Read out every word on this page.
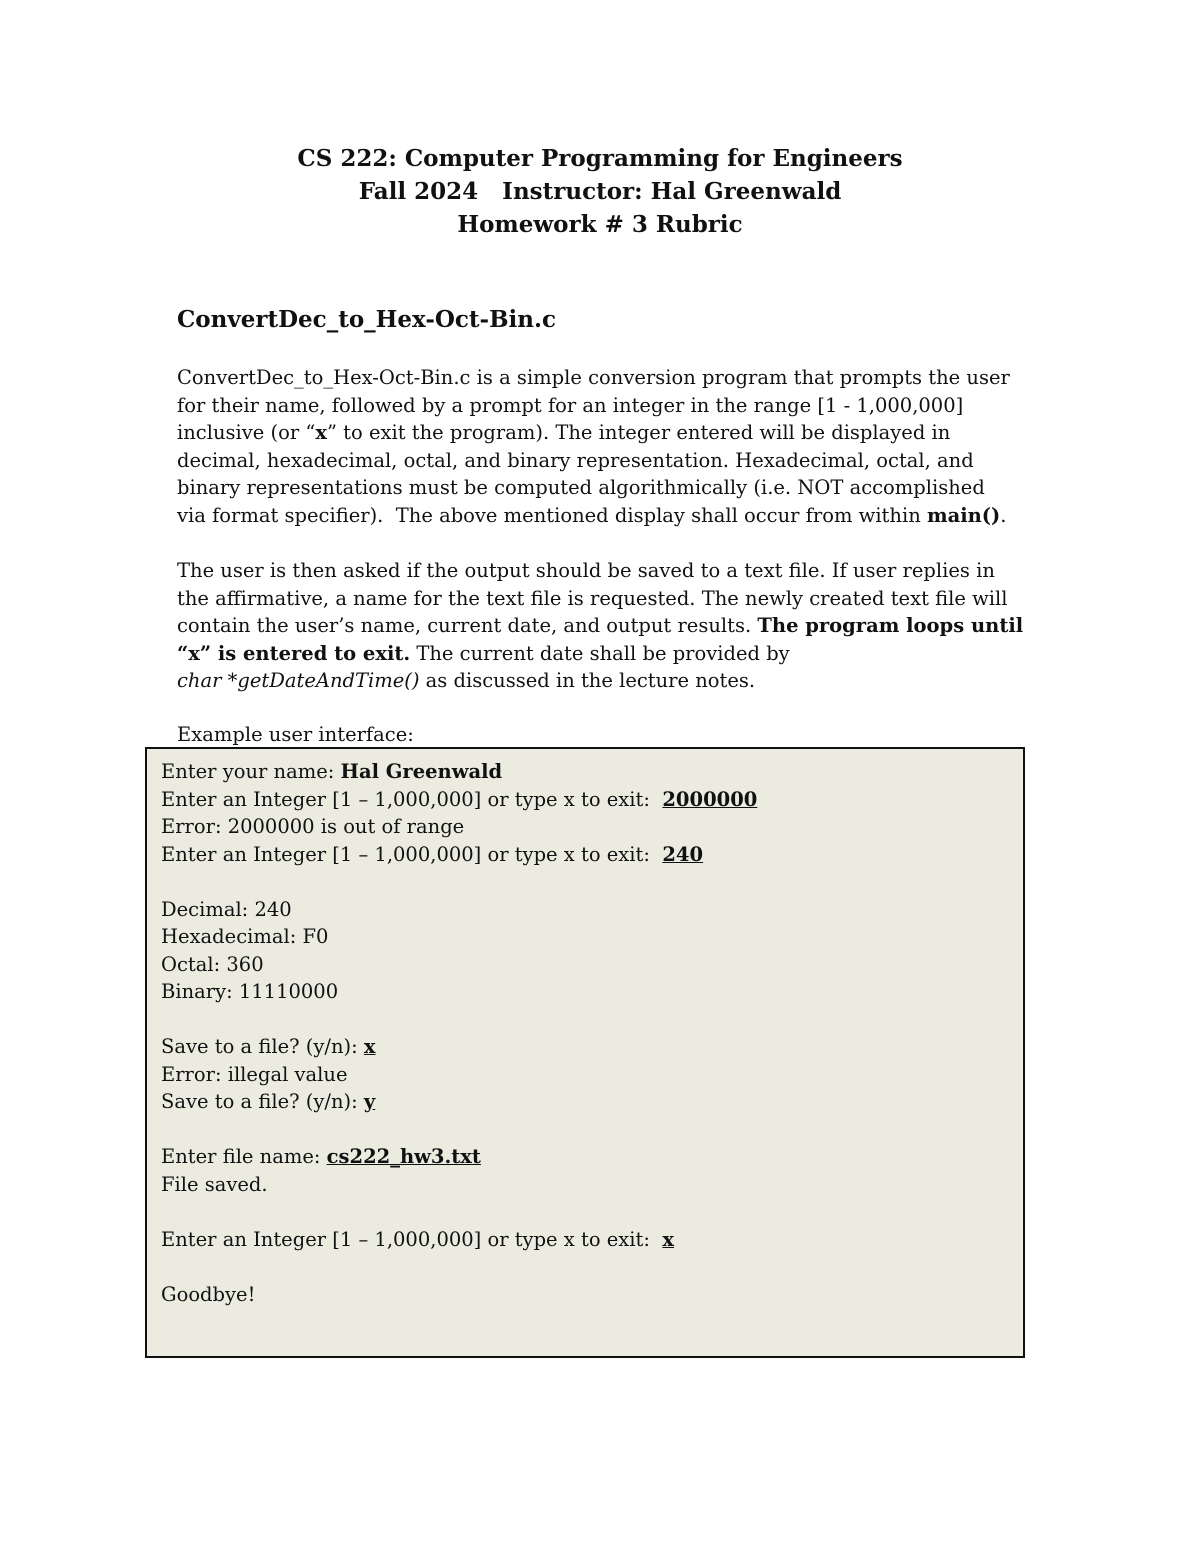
CS 222: Computer Programming for Engineers
Fall 2024   Instructor: Hal Greenwald
Homework # 3 Rubric
ConvertDec_to_Hex-Oct-Bin.c
ConvertDec_to_Hex-Oct-Bin.c is a simple conversion program that prompts the user
for their name, followed by a prompt for an integer in the range [1 - 1,000,000]
inclusive (or “x” to exit the program). The integer entered will be displayed in
decimal, hexadecimal, octal, and binary representation. Hexadecimal, octal, and
binary representations must be computed algorithmically (i.e. NOT accomplished
via format specifier).  The above mentioned display shall occur from within main().
The user is then asked if the output should be saved to a text file. If user replies in
the affirmative, a name for the text file is requested. The newly created text file will
contain the user’s name, current date, and output results. The program loops until
“x” is entered to exit. The current date shall be provided by
char *getDateAndTime() as discussed in the lecture notes.
Example user interface:
Enter your name: Hal Greenwald
Enter an Integer [1 – 1,000,000] or type x to exit:  2000000
Error: 2000000 is out of range
Enter an Integer [1 – 1,000,000] or type x to exit:  240
Decimal: 240
Hexadecimal: F0
Octal: 360
Binary: 11110000
Save to a file? (y/n): x
Error: illegal value
Save to a file? (y/n): y
Enter file name: cs222_hw3.txt
File saved.
Enter an Integer [1 – 1,000,000] or type x to exit:  x
Goodbye!
